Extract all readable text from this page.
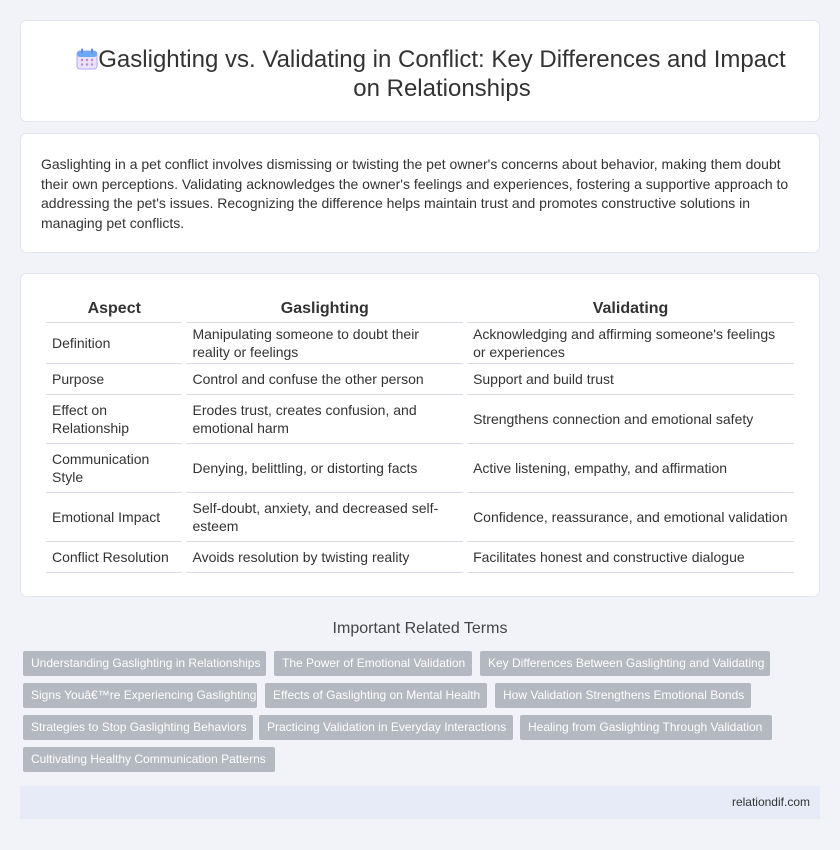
Gaslighting vs. Validating in Conflict: Key Differences and Impact on Relationships

Gaslighting in a pet conflict involves dismissing or twisting the pet owner's concerns about behavior, making them doubt their own perceptions. Validating acknowledges the owner's feelings and experiences, fostering a supportive approach to addressing the pet's issues. Recognizing the difference helps maintain trust and promotes constructive solutions in managing pet conflicts.

Aspect	Gaslighting	Validating
Definition	Manipulating someone to doubt their reality or feelings	Acknowledging and affirming someone's feelings or experiences
Purpose	Control and confuse the other person	Support and build trust
Effect on Relationship	Erodes trust, creates confusion, and emotional harm	Strengthens connection and emotional safety
Communication Style	Denying, belittling, or distorting facts	Active listening, empathy, and affirmation
Emotional Impact	Self-doubt, anxiety, and decreased self-esteem	Confidence, reassurance, and emotional validation
Conflict Resolution	Avoids resolution by twisting reality	Facilitates honest and constructive dialogue
Important Related Terms
Understanding Gaslighting in Relationships	The Power of Emotional Validation	Key Differences Between Gaslighting and Validating
Signs Youâ€™re Experiencing Gaslighting	Effects of Gaslighting on Mental Health	How Validation Strengthens Emotional Bonds
Strategies to Stop Gaslighting Behaviors	Practicing Validation in Everyday Interactions	Healing from Gaslighting Through Validation
Cultivating Healthy Communication Patterns
relationdif.com
